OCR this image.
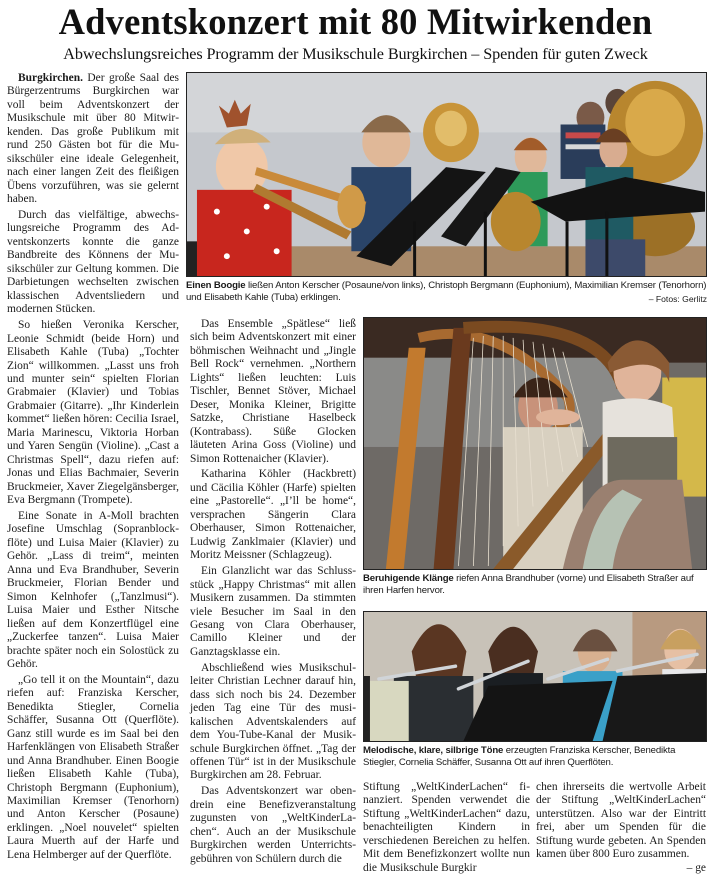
Adventskonzert mit 80 Mitwirkenden
Abwechslungsreiches Programm der Musikschule Burgkirchen – Spenden für guten Zweck

Burgkirchen. Der große Saal des Bürgerzentrums Burgkirchen war voll beim Adventskonzert der Musikschule mit über 80 Mitwirkenden. Das große Publikum mit rund 250 Gästen bot für die Musikschüler eine ideale Gelegenheit, nach einer langen Zeit des fleißigen Übens vorzuführen, was sie gelernt haben.

Durch das vielfältige, abwechslungsreiche Programm des Adventskonzerts konnte die ganze Bandbreite des Könnens der Musikschüler zur Geltung kommen. Die Darbietungen wechselten zwischen klassischen Adventsliedern und modernen Stücken.

So hießen Veronika Kerscher, Leonie Schmidt (beide Horn) und Elisabeth Kahle (Tuba) „Tochter Zion“ willkommen. „Lasst uns froh und munter sein“ spielten Florian Grabmaier (Klavier) und Tobias Grabmaier (Gitarre). „Ihr Kinderlein kommet“ ließen hören: Cecilia Israel, Maria Marinescu, Viktoria Horban und Yaren Sengün (Violine). „Cast a Christmas Spell“, dazu riefen auf: Jonas und Elias Bachmaier, Severin Bruckmeier, Xaver Ziegelgänsberger, Eva Bergmann (Trompete).

Eine Sonate in A-Moll brachten Josefine Umschlag (Sopranblockflöte) und Luisa Maier (Klavier) zu Gehör. „Lass di treim“, meinten Anna und Eva Brandhuber, Severin Bruckmeier, Florian Bender und Simon Kelnhofer („Tanzlmusi“). Luisa Maier und Esther Nitsche ließen auf dem Konzertflügel eine „Zuckerfee tanzen“. Luisa Maier brachte später noch ein Solostück zu Gehör.

„Go tell it on the Mountain“, dazu riefen auf: Franziska Kerscher, Benedikta Stiegler, Cornelia Schäffer, Susanna Ott (Querflöte). Ganz still wurde es im Saal bei den Harfenklängen von Elisabeth Straßer und Anna Brandhuber. Einen Boogie ließen Elisabeth Kahle (Tuba), Christoph Bergmann (Euphonium), Maximilian Kremser (Tenorhorn) und Anton Kerscher (Posaune) erklingen. „Noel nouvelet“ spielten Laura Muerth auf der Harfe und Lena Helmberger auf der Querflöte.

Einen Boogie ließen Anton Kerscher (Posaune/von links), Christoph Bergmann (Euphonium), Maximilian Kremser (Tenorhorn) und Elisabeth Kahle (Tuba) erklingen.	– Fotos: Gerlitz

Das Ensemble „Spätlese“ ließ sich beim Adventskonzert mit einer böhmischen Weihnacht und „Jingle Bell Rock“ vernehmen. „Northern Lights“ ließen leuchten: Luis Tischler, Bennet Stöver, Michael Deser, Monika Kleiner, Brigitte Satzke, Christiane Haselbeck (Kontrabass). Süße Glocken läuteten Arina Goss (Violine) und Simon Rottenaicher (Klavier).

Katharina Köhler (Hackbrett) und Cäcilia Köhler (Harfe) spielten eine „Pastorelle“. „I’ll be home“, versprachen Sängerin Clara Oberhauser, Simon Rottenaicher, Ludwig Zanklmaier (Klavier) und Moritz Meissner (Schlagzeug).

Ein Glanzlicht war das Schlussstück „Happy Christmas“ mit allen Musikern zusammen. Da stimmten viele Besucher im Saal in den Gesang von Clara Oberhauser, Camillo Kleiner und der Ganztagsklasse ein.

Abschließend wies Musikschulleiter Christian Lechner darauf hin, dass sich noch bis 24. Dezember jeden Tag eine Tür des musikalischen Adventskalenders auf dem You-Tube-Kanal der Musikschule Burgkirchen öffnet. „Tag der offenen Tür“ ist in der Musikschule Burgkirchen am 28. Februar.

Das Adventskonzert war obendrein eine Benefizveranstaltung zugunsten von „WeltKinderLachen“. Auch an der Musikschule Burgkirchen werden Unterrichtsgebühren von Schülern durch die

Beruhigende Klänge riefen Anna Brandhuber (vorne) und Elisabeth Straßer auf ihren Harfen hervor.
Melodische, klare, silbrige Töne erzeugten Franziska Kerscher, Benedikta Stiegler, Cornelia Schäffer, Susanna Ott auf ihren Querflöten.

Stiftung „WeltKinderLachen“ finanziert. Spenden verwendet die Stiftung „WeltKinderLachen“ dazu, benachteiligten Kindern in verschiedenen Bereichen zu helfen. Mit dem Benefizkonzert wollte nun die Musikschule Burgkir

chen ihrerseits die wertvolle Arbeit der Stiftung „WeltKinderLachen“ unterstützen. Also war der Eintritt frei, aber um Spenden für die Stiftung wurde gebeten. An Spenden kamen über 800 Euro zusammen.
– ge
